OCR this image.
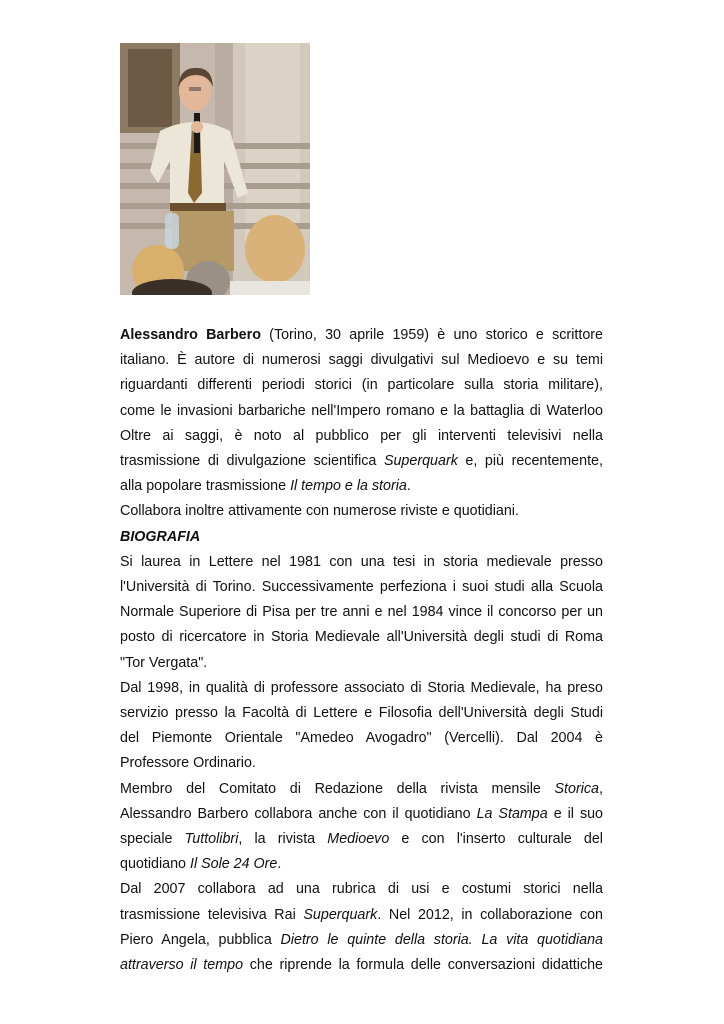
Alessandro Barbero (Torino, 30 aprile 1959) è uno storico e scrittore

italiano. È autore di numerosi saggi divulgativi sul Medioevo e su temi

riguardanti differenti periodi storici (in particolare sulla storia militare),

come le invasioni barbariche nell'Impero romano e la battaglia di Waterloo

Oltre ai saggi, è noto al pubblico per gli interventi televisivi nella

trasmissione di divulgazione scientifica Superquark e, più recentemente,

alla popolare trasmissione Il tempo e la storia.

Collabora inoltre attivamente con numerose riviste e quotidiani.

BIOGRAFIA

Si laurea in Lettere nel 1981 con una tesi in storia medievale presso

l'Università di Torino. Successivamente perfeziona i suoi studi alla Scuola

Normale Superiore di Pisa per tre anni e nel 1984 vince il concorso per un

posto di ricercatore in Storia Medievale all'Università degli studi di Roma

"Tor Vergata".

Dal 1998, in qualità di professore associato di Storia Medievale, ha preso

servizio presso la Facoltà di Lettere e Filosofia dell'Università degli Studi

del Piemonte Orientale "Amedeo Avogadro" (Vercelli). Dal 2004 è

Professore Ordinario.

Membro del Comitato di Redazione della rivista mensile Storica,

Alessandro Barbero collabora anche con il quotidiano La Stampa e il suo

speciale Tuttolibri, la rivista Medioevo e con l'inserto culturale del

quotidiano Il Sole 24 Ore.

Dal 2007 collabora ad una rubrica di usi e costumi storici nella

trasmissione televisiva Rai Superquark. Nel 2012, in collaborazione con

Piero Angela, pubblica Dietro le quinte della storia. La vita quotidiana

attraverso il tempo che riprende la formula delle conversazioni didattiche
